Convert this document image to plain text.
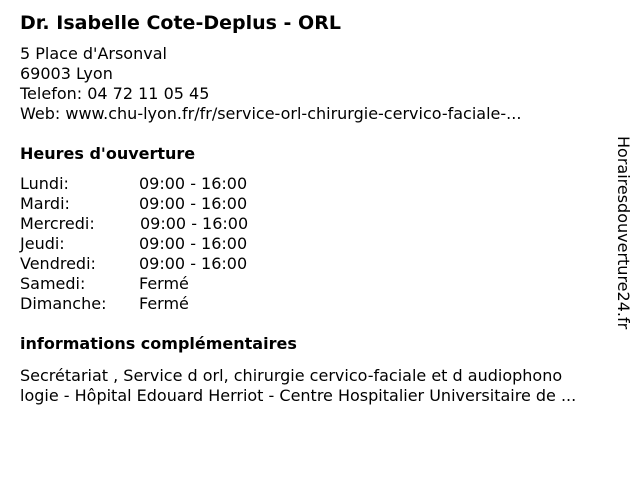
Dr. Isabelle Cote-Deplus - ORL
5 Place d'Arsonval
69003 Lyon
Telefon: 04 72 11 05 45
Web: www.chu-lyon.fr/fr/service-orl-chirurgie-cervico-faciale-...
Heures d'ouverture
Lundi:	09:00 - 16:00
Mardi:	09:00 - 16:00
Mercredi:	09:00 - 16:00
Jeudi:	09:00 - 16:00
Vendredi:	09:00 - 16:00
Samedi:	Fermé
Dimanche: Fermé
informations complémentaires
Secrétariat , Service d orl, chirurgie cervico-faciale et d audiophono
logie - Hôpital Edouard Herriot - Centre Hospitalier Universitaire de ...
Horairesdouverture24.fr
